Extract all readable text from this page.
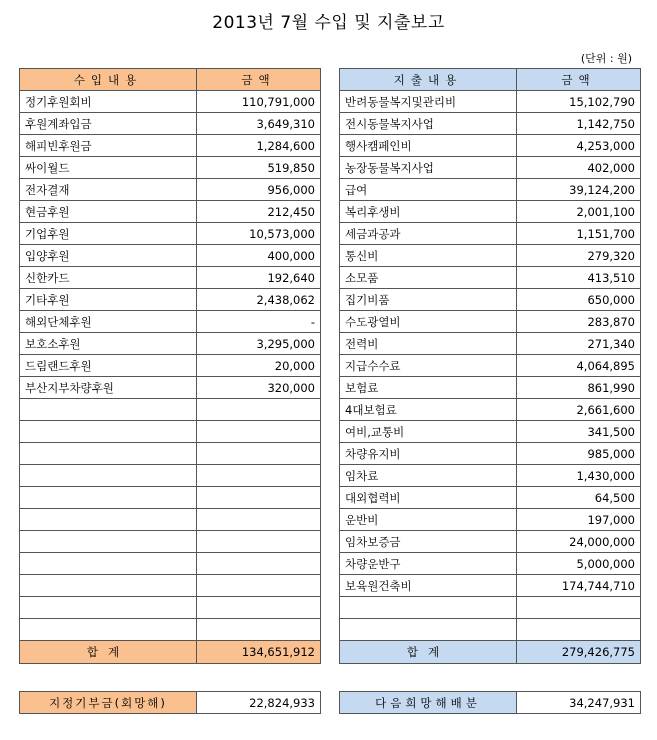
2013년 7월 수입 및 지출보고
(단위 : 원)
수입내용	금액
정기후원회비	110,791,000
후원계좌입금	3,649,310
해피빈후원금	1,284,600
싸이월드	519,850
전자결재	956,000
현금후원	212,450
기업후원	10,573,000
입양후원	400,000
신한카드	192,640
기타후원	2,438,062
해외단체후원	-
보호소후원	3,295,000
드림랜드후원	20,000
부산지부차량후원	320,000

합계	134,651,912
지출내용	금액
반려동물복지및관리비	15,102,790
전시동물복지사업	1,142,750
행사캠페인비	4,253,000
농장동물복지사업	402,000
급여	39,124,200
복리후생비	2,001,100
세금과공과	1,151,700
통신비	279,320
소모품	413,510
집기비품	650,000
수도광열비	283,870
전력비	271,340
지급수수료	4,064,895
보험료	861,990
4대보험료	2,661,600
여비,교통비	341,500
차량유지비	985,000
임차료	1,430,000
대외협력비	64,500
운반비	197,000
임차보증금	24,000,000
차량운반구	5,000,000
보육원건축비	174,744,710

합계	279,426,775
지정기부금(회망해)	22,824,933	다음희망해배분	34,247,931
